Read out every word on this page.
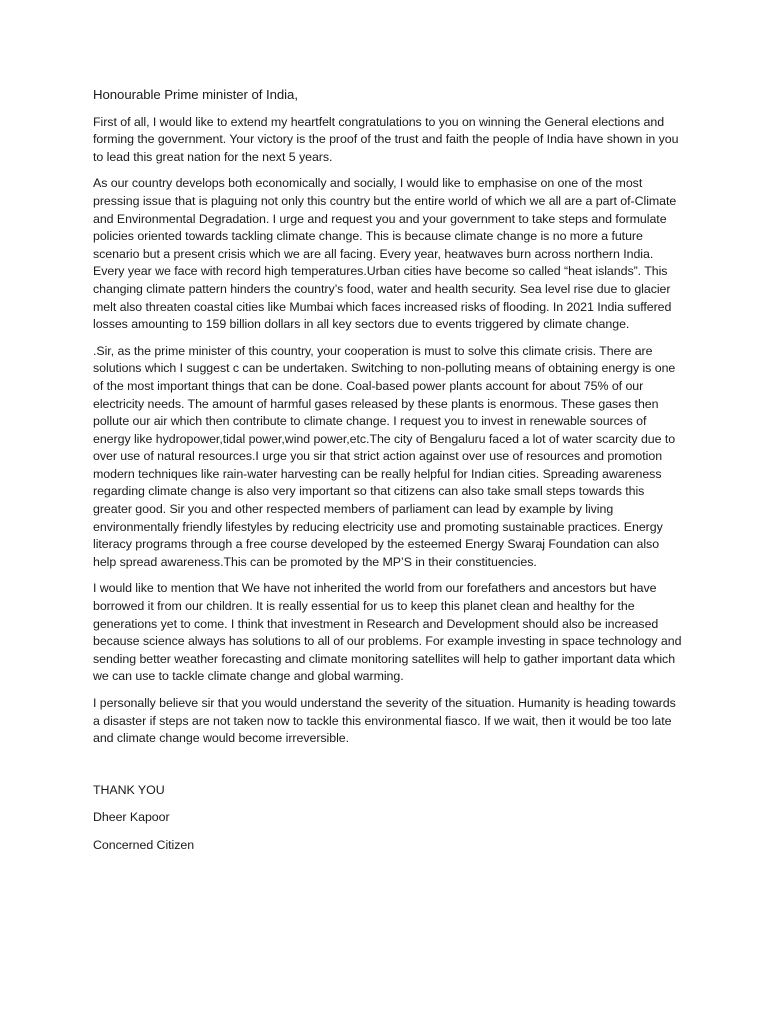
Honourable Prime minister of India,

First of all, I would like to extend my heartfelt congratulations to you on winning the General elections and forming the government. Your victory is the proof of the trust and faith the people of India have shown in you to lead this great nation for the next 5 years.

As our country develops both economically and socially, I would like to emphasise on one of the most pressing issue that is plaguing not only this country but the entire world of which we all are a part of-Climate and Environmental Degradation. I urge and request you and your government to take steps and formulate policies oriented towards tackling climate change. This is because climate change is no more a future scenario but a present crisis which we are all facing. Every year, heatwaves burn across northern India. Every year we face with record high temperatures.Urban cities have become so called “heat islands”. This changing climate pattern hinders the country’s food, water and health security. Sea level rise due to glacier melt also threaten coastal cities like Mumbai which faces increased risks of flooding. In 2021 India suffered losses amounting to 159 billion dollars in all key sectors due to events triggered by climate change.

.Sir, as the prime minister of this country, your cooperation is must to solve this climate crisis. There are solutions which I suggest c can be undertaken. Switching to non-polluting means of obtaining energy is one of the most important things that can be done. Coal-based power plants account for about 75% of our electricity needs. The amount of harmful gases released by these plants is enormous. These gases then pollute our air which then contribute to climate change. I request you to invest in renewable sources of energy like hydropower,tidal power,wind power,etc.The city of Bengaluru faced a lot of water scarcity due to over use of natural resources.I urge you sir that strict action against over use of resources and promotion modern techniques like rain-water harvesting can be really helpful for Indian cities. Spreading awareness regarding climate change is also very important so that citizens can also take small steps towards this greater good. Sir you and other respected members of parliament can lead by example by living environmentally friendly lifestyles by reducing electricity use and promoting sustainable practices. Energy literacy programs through a free course developed by the esteemed Energy Swaraj Foundation can also help spread awareness.This can be promoted by the MP’S in their constituencies.

I would like to mention that We have not inherited the world from our forefathers and ancestors but have borrowed it from our children. It is really essential for us to keep this planet clean and healthy for the generations yet to come. I think that investment in Research and Development should also be increased because science always has solutions to all of our problems. For example investing in space technology and sending better weather forecasting and climate monitoring satellites will help to gather important data which we can use to tackle climate change and global warming.

I personally believe sir that you would understand the severity of the situation. Humanity is heading towards a disaster if steps are not taken now to tackle this environmental fiasco. If we wait, then it would be too late and climate change would become irreversible.

THANK YOU

Dheer Kapoor

Concerned Citizen
